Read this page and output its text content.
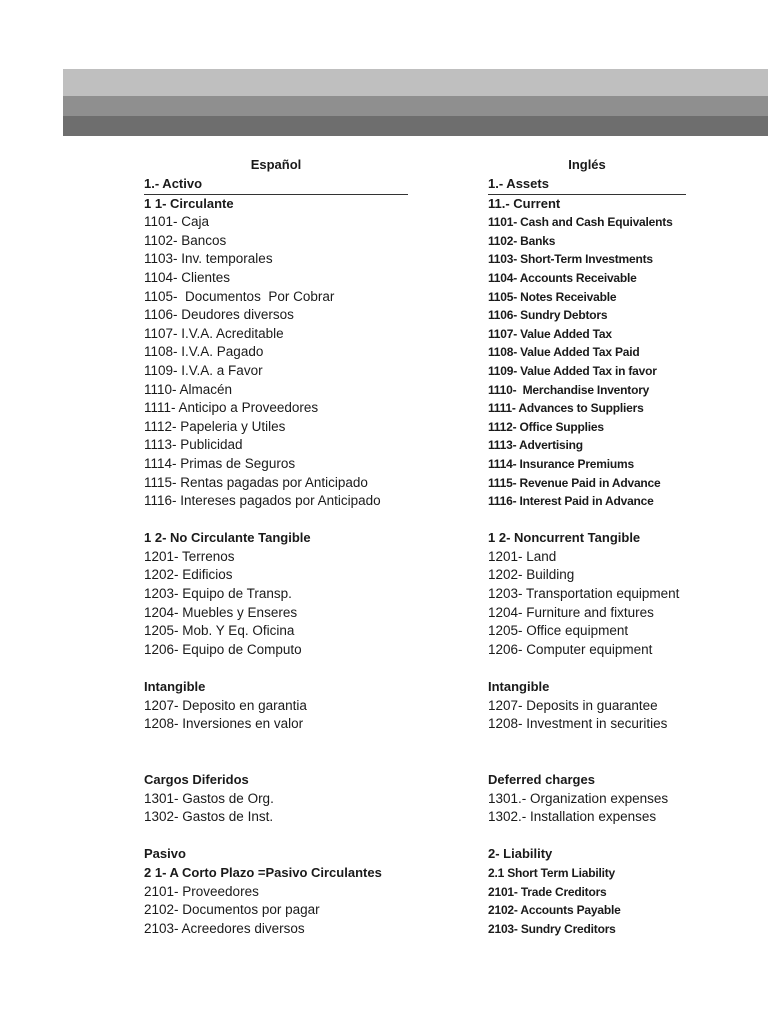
Español
1.- Activo
1 1- Circulante
1101- Caja
1102- Bancos
1103- Inv. temporales
1104- Clientes
1105-  Documentos  Por Cobrar
1106- Deudores diversos
1107- I.V.A. Acreditable
1108- I.V.A. Pagado
1109- I.V.A. a Favor
1110- Almacén
1111- Anticipo a Proveedores
1112- Papeleria y Utiles
1113- Publicidad
1114- Primas de Seguros
1115- Rentas pagadas por Anticipado
1116- Intereses pagados por Anticipado
1 2- No Circulante Tangible
1201- Terrenos
1202- Edificios
1203- Equipo de Transp.
1204- Muebles y Enseres
1205- Mob. Y Eq. Oficina
1206- Equipo de Computo
Intangible
1207- Deposito en garantia
1208- Inversiones en valor
Cargos Diferidos
1301- Gastos de Org.
1302- Gastos de Inst.
Pasivo
2 1- A Corto Plazo =Pasivo Circulantes
2101- Proveedores
2102- Documentos por pagar
2103- Acreedores diversos
Inglés
1.- Assets
11.- Current
1101- Cash and Cash Equivalents
1102- Banks
1103- Short-Term Investments
1104- Accounts Receivable
1105- Notes Receivable
1106- Sundry Debtors
1107- Value Added Tax
1108- Value Added Tax Paid
1109- Value Added Tax in favor
1110-  Merchandise Inventory
1111- Advances to Suppliers
1112- Office Supplies
1113- Advertising
1114- Insurance Premiums
1115- Revenue Paid in Advance
1116- Interest Paid in Advance
1 2- Noncurrent Tangible
1201- Land
1202- Building
1203- Transportation equipment
1204- Furniture and fixtures
1205- Office equipment
1206- Computer equipment
Intangible
1207- Deposits in guarantee
1208- Investment in securities
Deferred charges
1301.- Organization expenses
1302.- Installation expenses
2- Liability
2.1 Short Term Liability
2101- Trade Creditors
2102- Accounts Payable
2103- Sundry Creditors
